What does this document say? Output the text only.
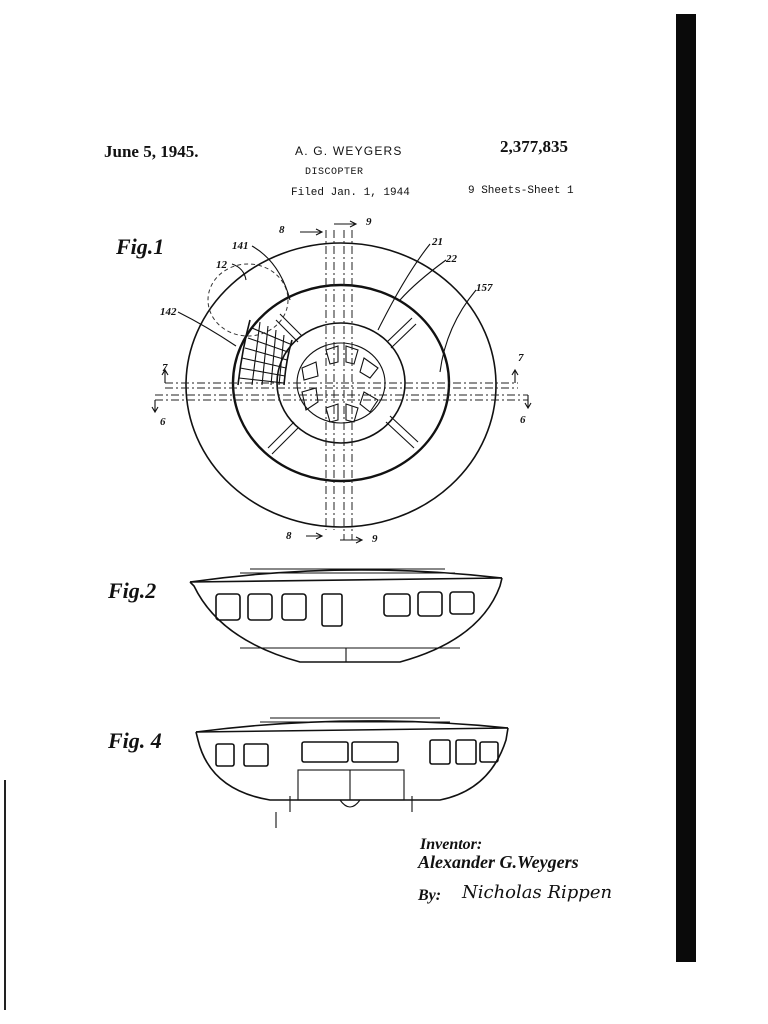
June 5, 1945.	A. G. WEYGERS	2,377,835
DISCOPTER
Filed Jan. 1, 1944	9 Sheets-Sheet 1
Fig.1
Fig.2
Fig. 4
8
9
141
12
21
22
157
142
7
7
6	6
8	9
Inventor:
Alexander G.Weygers
By: Nicholas Rippen
